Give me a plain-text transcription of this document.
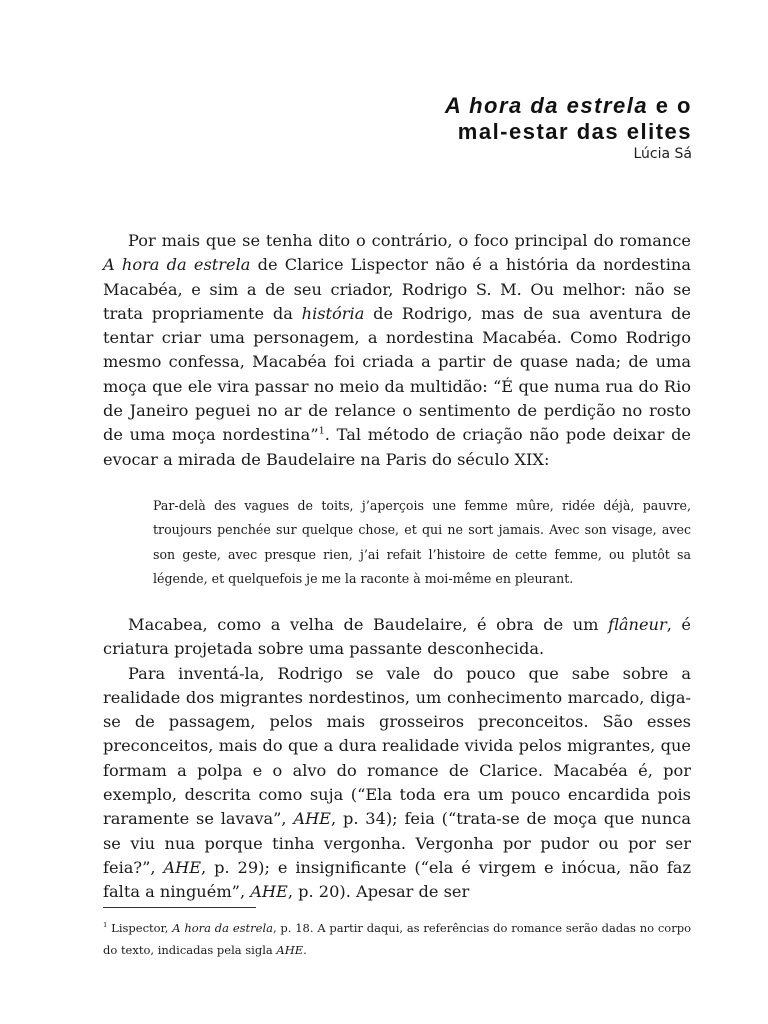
A hora da estrela e o
mal-estar das elites
Lúcia Sá

Por mais que se tenha dito o contrário, o foco principal do romance A hora da estrela de Clarice Lispector não é a história da nordestina Macabéa, e sim a de seu criador, Rodrigo S. M. Ou melhor: não se trata propriamente da história de Rodrigo, mas de sua aventura de tentar criar uma personagem, a nordestina Macabéa. Como Rodrigo mesmo confessa, Macabéa foi criada a partir de quase nada; de uma moça que ele vira passar no meio da multidão: “É que numa rua do Rio de Janeiro peguei no ar de relance o sentimento de perdição no rosto de uma moça nordestina”$^1$. Tal método de criação não pode deixar de evocar a mirada de Baudelaire na Paris do século XIX:

Par-delà des vagues de toits, j’aperçois une femme mûre, ridée déjà, pauvre, troujours penchée sur quelque chose, et qui ne sort jamais. Avec son visage, avec son geste, avec presque rien, j’ai refait l’histoire de cette femme, ou plutôt sa légende, et quelquefois je me la raconte à moi-même en pleurant.

Macabea, como a velha de Baudelaire, é obra de um flâneur, é criatura projetada sobre uma passante desconhecida.

Para inventá-la, Rodrigo se vale do pouco que sabe sobre a realidade dos migrantes nordestinos, um conhecimento marcado, diga-se de passagem, pelos mais grosseiros preconceitos. São esses preconceitos, mais do que a dura realidade vivida pelos migrantes, que formam a polpa e o alvo do romance de Clarice. Macabéa é, por exemplo, descrita como suja (“Ela toda era um pouco encardida pois raramente se lavava”, AHE, p. 34); feia (“trata-se de moça que nunca se viu nua porque tinha vergonha. Vergonha por pudor ou por ser feia?”, AHE, p. 29); e insignificante (“ela é virgem e inócua, não faz falta a ninguém”, AHE, p. 20). Apesar de ser

$^1$ Lispector, A hora da estrela, p. 18. A partir daqui, as referências do romance serão dadas no corpo do texto, indicadas pela sigla AHE.
